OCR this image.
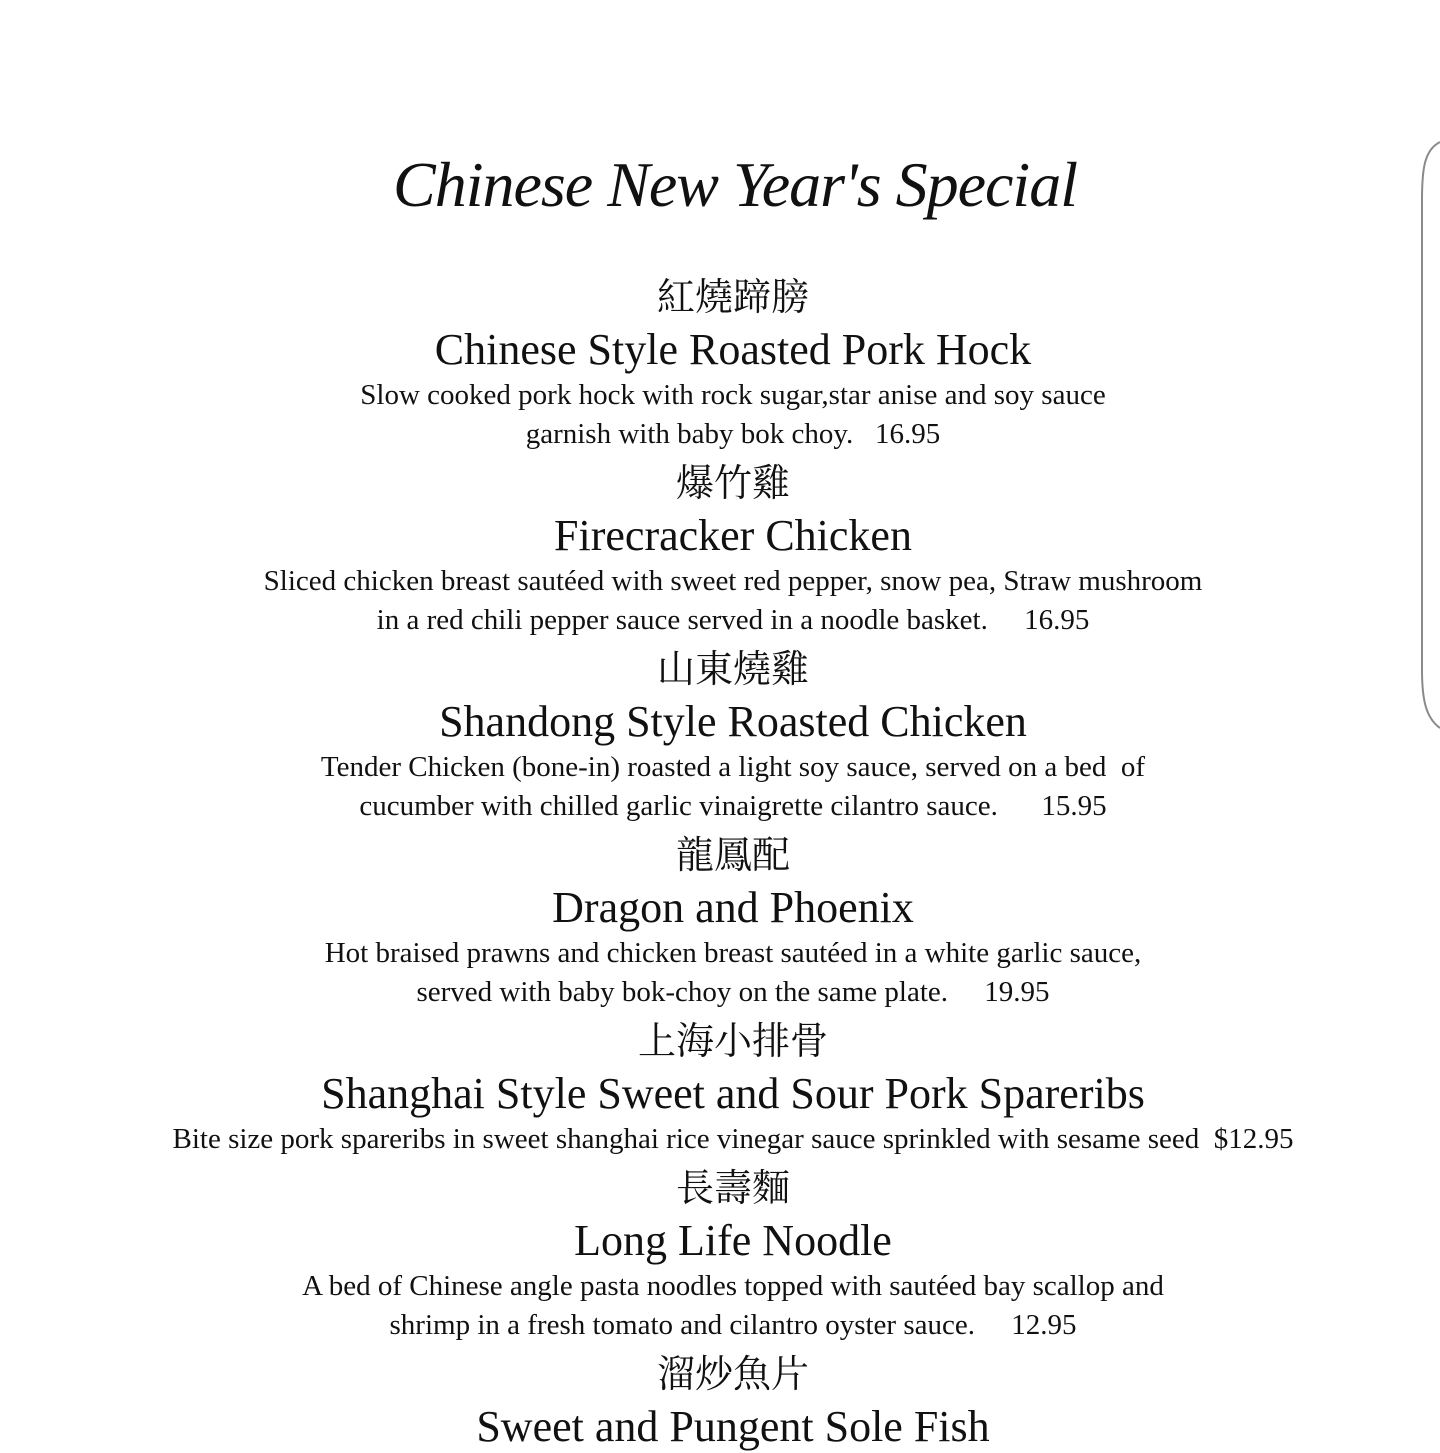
Chinese New Year's Special
紅燒蹄膀
Chinese Style Roasted Pork Hock
Slow cooked pork hock with rock sugar,star anise and soy sauce
garnish with baby bok choy.   16.95
爆竹雞
Firecracker Chicken
Sliced chicken breast sautéed with sweet red pepper, snow pea, Straw mushroom
in a red chili pepper sauce served in a noodle basket.     16.95
山東燒雞
Shandong Style Roasted Chicken
Tender Chicken (bone-in) roasted a light soy sauce, served on a bed  of
cucumber with chilled garlic vinaigrette cilantro sauce.      15.95
龍鳳配
Dragon and Phoenix
Hot braised prawns and chicken breast sautéed in a white garlic sauce,
served with baby bok-choy on the same plate.     19.95
上海小排骨
Shanghai Style Sweet and Sour Pork Spareribs
Bite size pork spareribs in sweet shanghai rice vinegar sauce sprinkled with sesame seed  $12.95
長壽麵
Long Life Noodle
A bed of Chinese angle pasta noodles topped with sautéed bay scallop and
shrimp in a fresh tomato and cilantro oyster sauce.     12.95
溜炒魚片
Sweet and Pungent Sole Fish
